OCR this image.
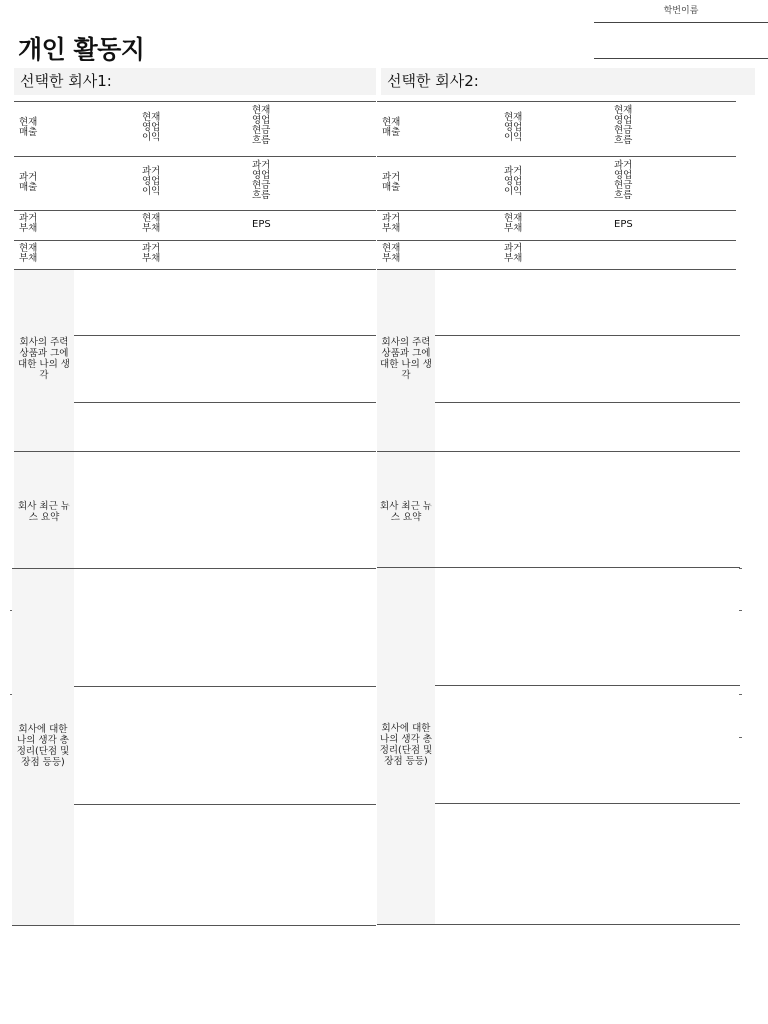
학번이름
개인 활동지
선택한 회사1:
현재
매출
현재
영업
이익
현재
영업
현금
흐름
과거
매출
과거
영업
이익
과거
영업
현금
흐름
과거
부채
현재
부채	EPS
현재
부채
과거
부채
회사의 주력 상품과 그에 대한 나의 생각
회사 최근 뉴스 요약
회사에 대한 나의 생각 총정리(단점 및 장점 등등)
선택한 회사2:
현재
매출
현재
영업
이익
현재
영업
현금
흐름
과거
매출
과거
영업
이익
과거
영업
현금
흐름
과거
부채
현재
부채	EPS
현재
부채
과거
부채
회사의 주력 상품과 그에 대한 나의 생각
회사 최근 뉴스 요약
회사에 대한 나의 생각 총정리(단점 및 장점 등등)
